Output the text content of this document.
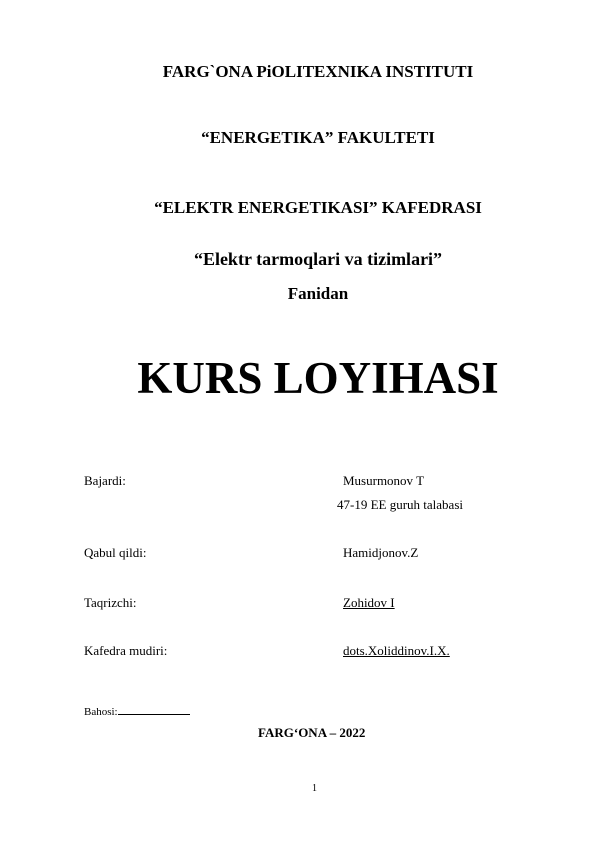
FARG`ONA PiOLITEXNIKA INSTITUTI
“ENERGETIKA” FAKULTETI
“ELEKTR ENERGETIKASI” KAFEDRASI
“Elektr tarmoqlari va tizimlari”
Fanidan
KURS LOYIHASI
Bajardi:	Musurmonov T
47-19 EE guruh talabasi
Qabul qildi:	Hamidjonov.Z
Taqrizchi:	Zohidov I
Kafedra mudiri:	dots.Xoliddinov.I.X.
Bahosi:
FARG‘ONA – 2022
1
